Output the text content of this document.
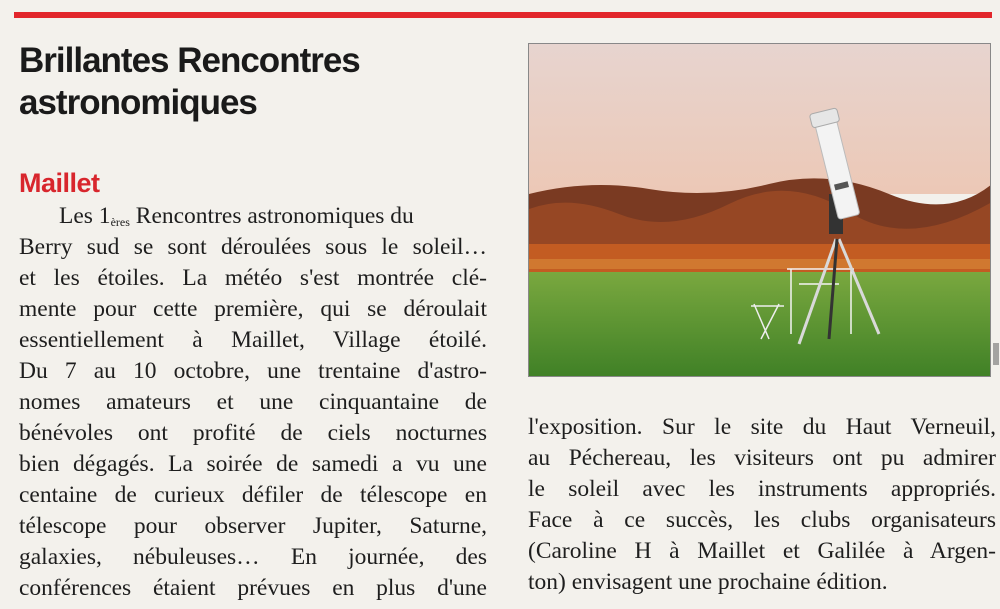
Brillantes Rencontres
astronomiques
Maillet
Les 1ères Rencontres astronomiques du
Berry sud se sont déroulées sous le soleil…
et les étoiles. La météo s'est montrée clé-
mente pour cette première, qui se déroulait
essentiellement à Maillet, Village étoilé.
Du 7 au 10 octobre, une trentaine d'astro-
nomes amateurs et une cinquantaine de
bénévoles ont profité de ciels nocturnes
bien dégagés. La soirée de samedi a vu une
centaine de curieux défiler de télescope en
télescope pour observer Jupiter, Saturne,
galaxies, nébuleuses… En journée, des
conférences étaient prévues en plus d'une
l'exposition. Sur le site du Haut Verneuil,
au Péchereau, les visiteurs ont pu admirer
le soleil avec les instruments appropriés.
Face à ce succès, les clubs organisateurs
(Caroline H à Maillet et Galilée à Argen-
ton) envisagent une prochaine édition.
